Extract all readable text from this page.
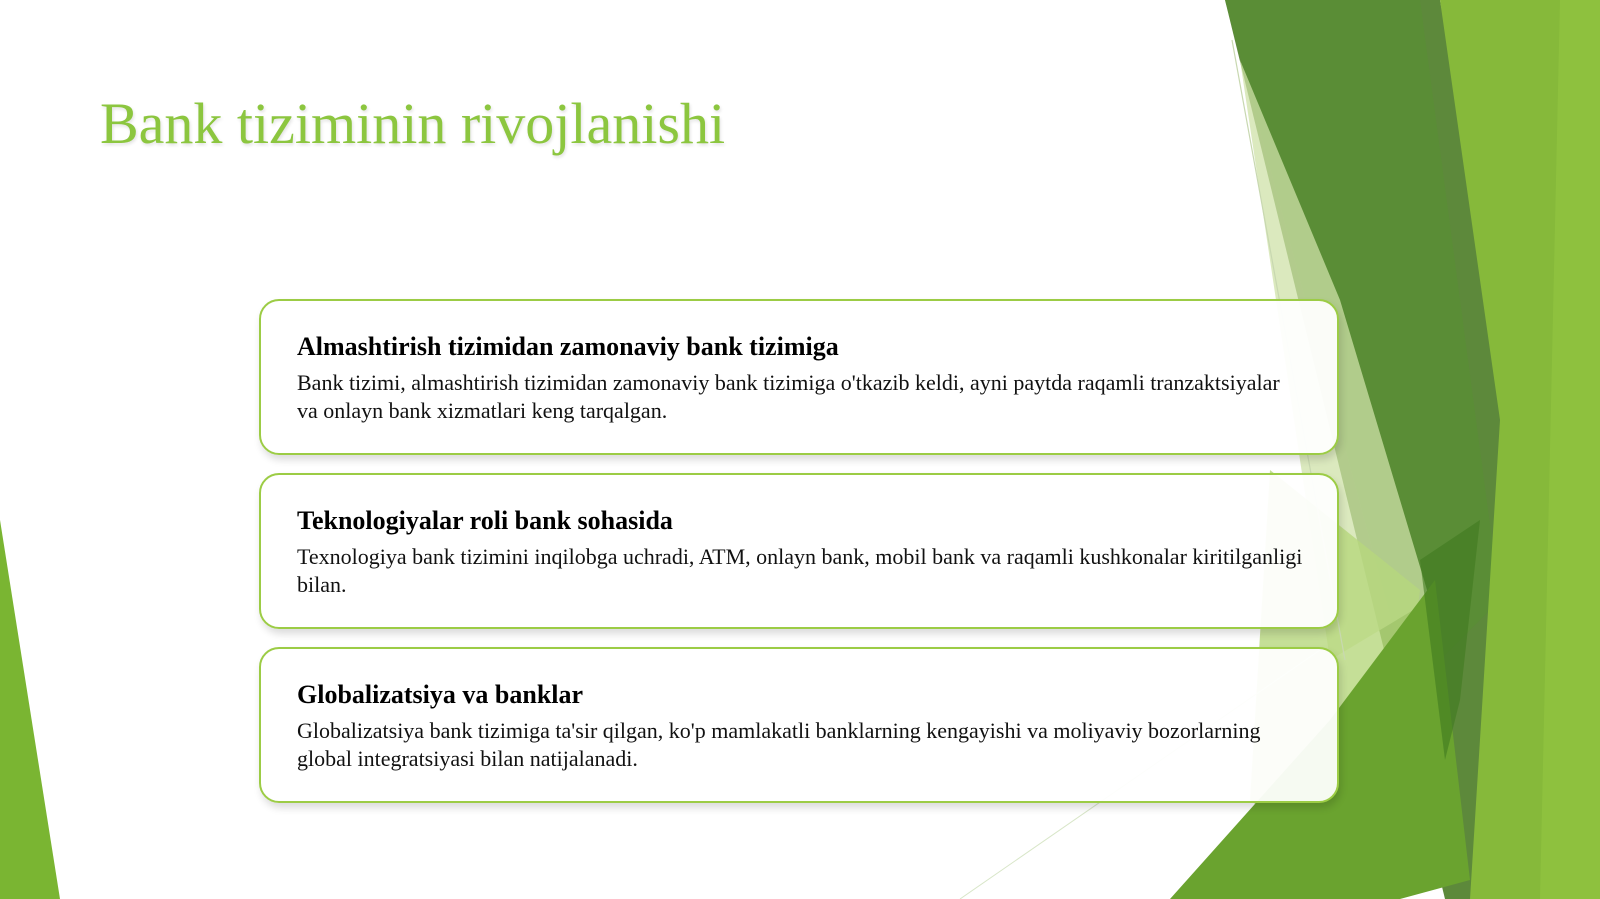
Bank tiziminin rivojlanishi

Almashtirish tizimidan zamonaviy bank tizimiga

Bank tizimi, almashtirish tizimidan zamonaviy bank tizimiga o'tkazib keldi, ayni paytda raqamli tranzaktsiyalar va onlayn bank xizmatlari keng tarqalgan.

Teknologiyalar roli bank sohasida

Texnologiya bank tizimini inqilobga uchradi, ATM, onlayn bank, mobil bank va raqamli kushkonalar kiritilganligi bilan.

Globalizatsiya va banklar

Globalizatsiya bank tizimiga ta'sir qilgan, ko'p mamlakatli banklarning kengayishi va moliyaviy bozorlarning global integratsiyasi bilan natijalanadi.
